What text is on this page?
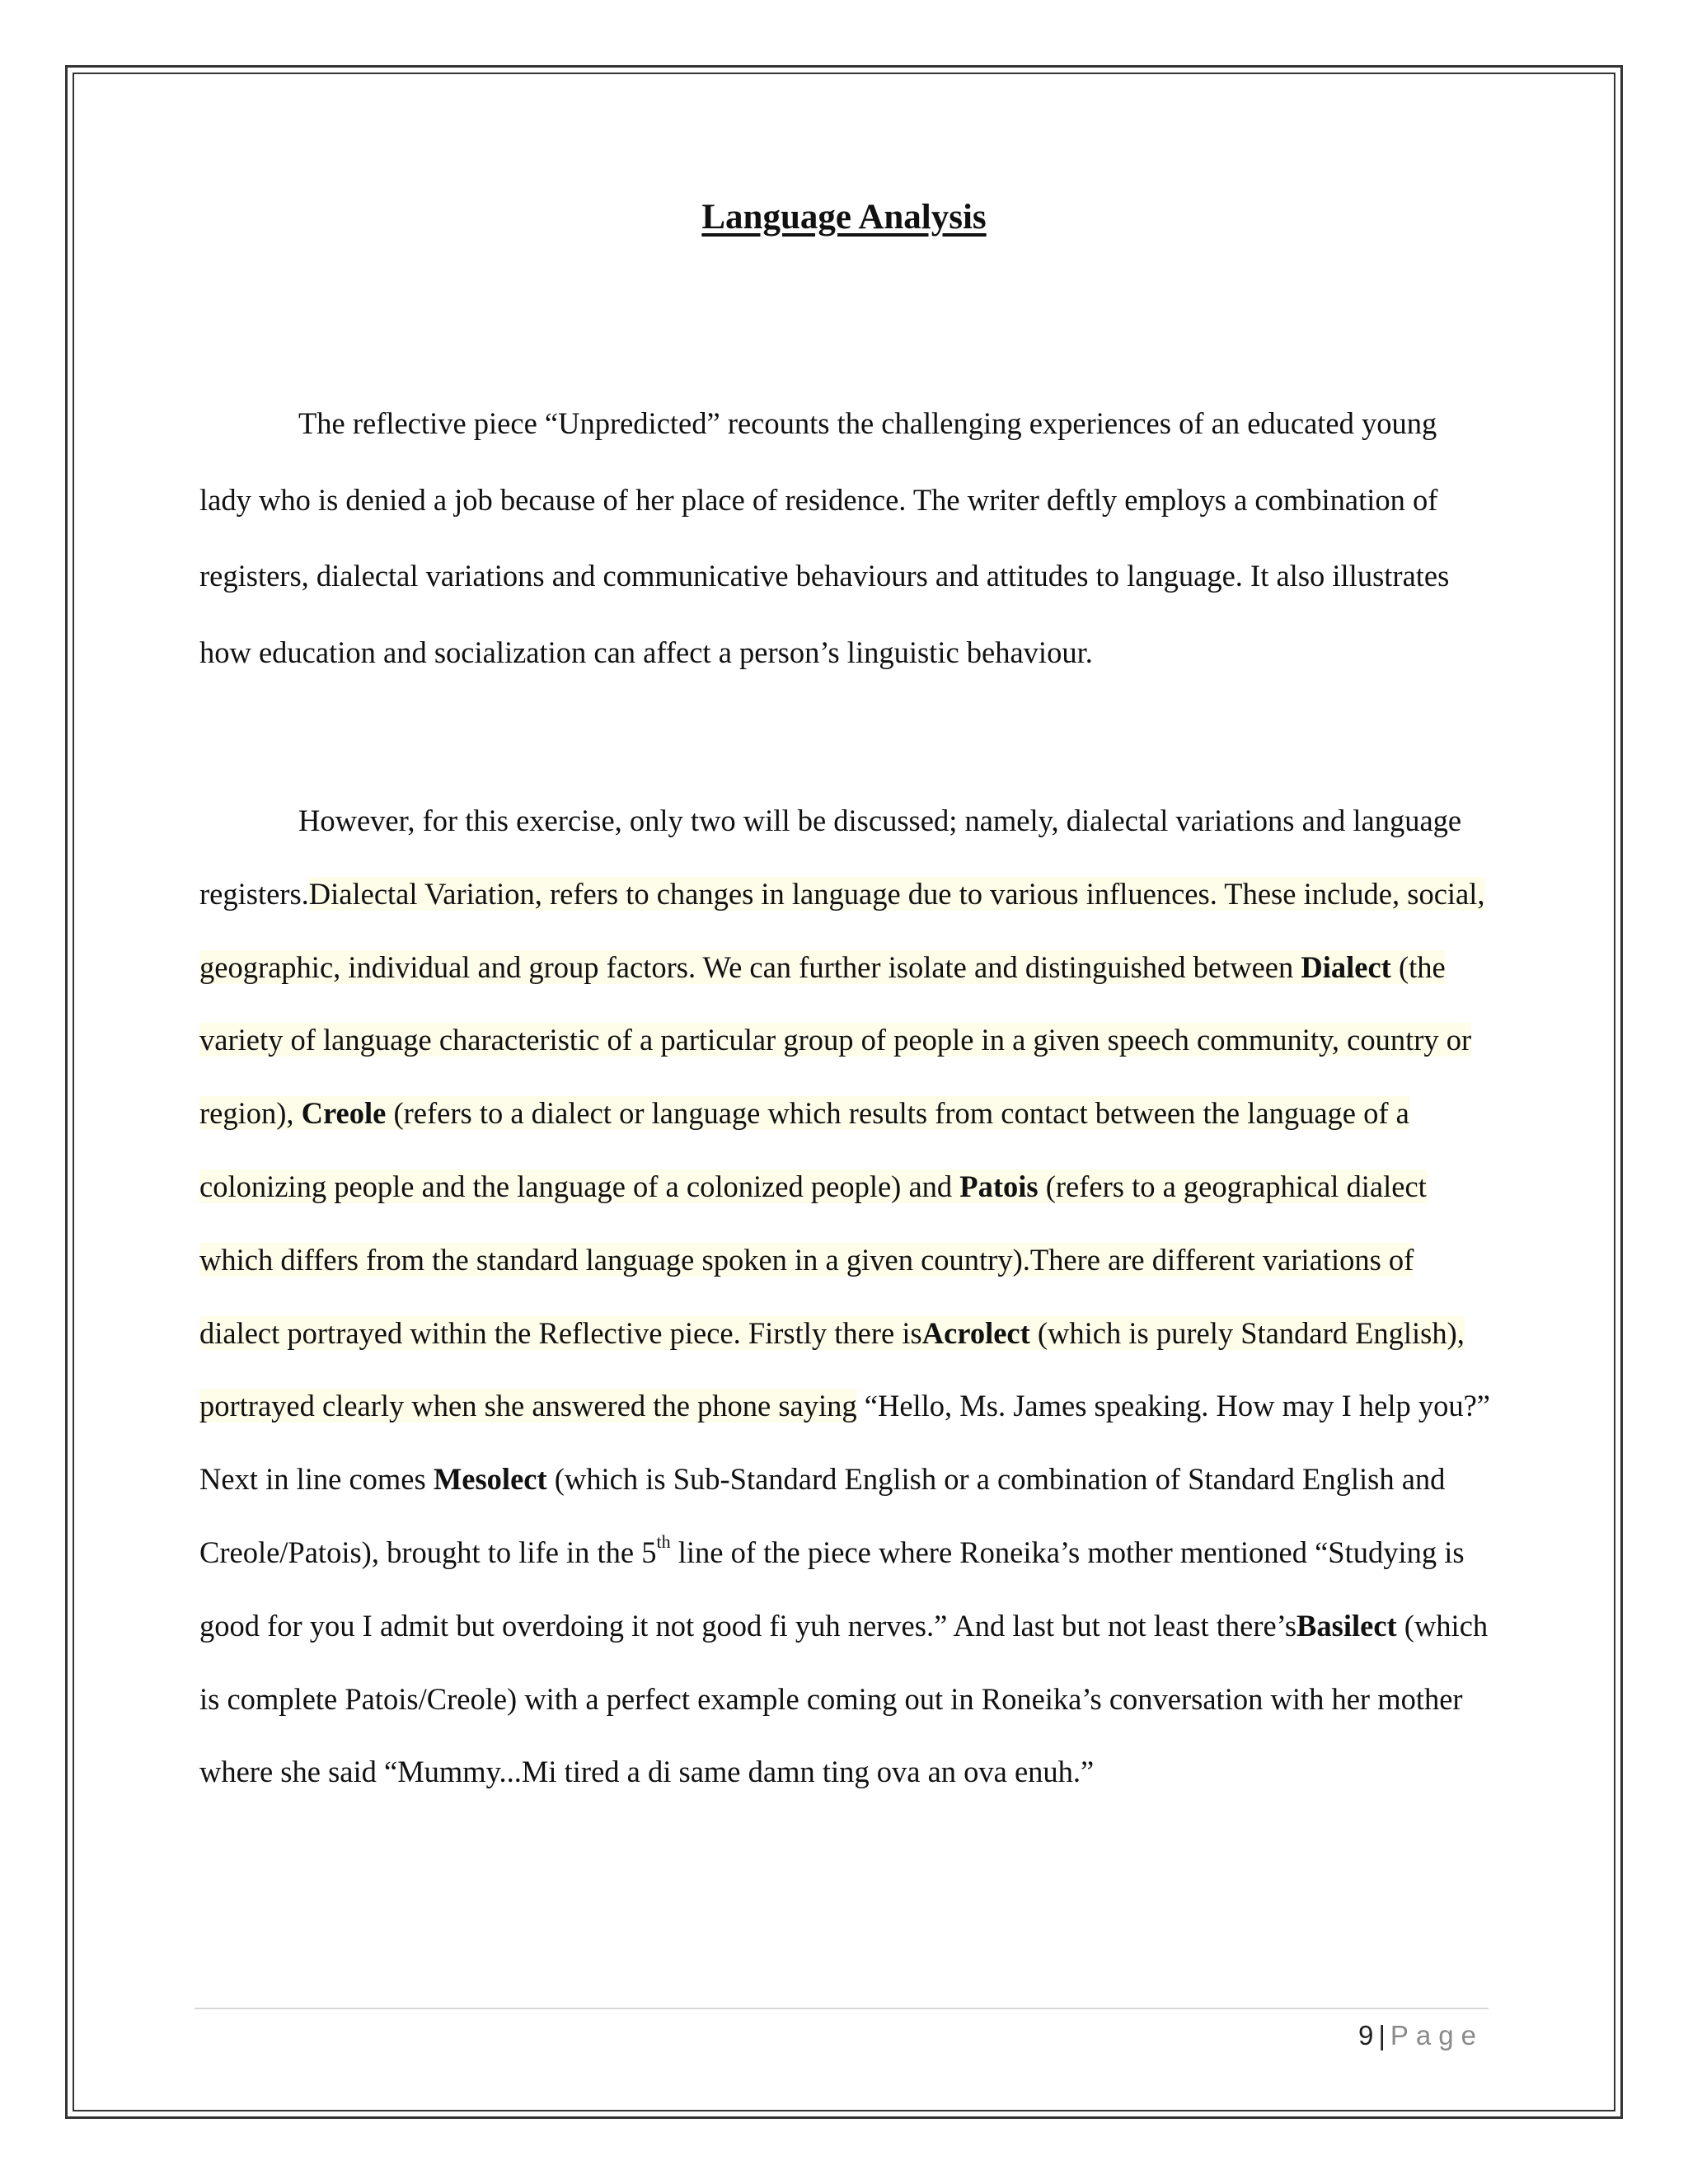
Language Analysis

The reflective piece “Unpredicted” recounts the challenging experiences of an educated young lady who is denied a job because of her place of residence. The writer deftly employs a combination of registers, dialectal variations and communicative behaviours and attitudes to language. It also illustrates how education and socialization can affect a person’s linguistic behaviour.

However, for this exercise, only two will be discussed; namely, dialectal variations and language registers.Dialectal Variation, refers to changes in language due to various influences. These include, social, geographic, individual and group factors. We can further isolate and distinguished between Dialect (the variety of language characteristic of a particular group of people in a given speech community, country or region), Creole (refers to a dialect or language which results from contact between the language of a colonizing people and the language of a colonized people) and Patois (refers to a geographical dialect which differs from the standard language spoken in a given country).There are different variations of dialect portrayed within the Reflective piece. Firstly there isAcrolect (which is purely Standard English), portrayed clearly when she answered the phone saying “Hello, Ms. James speaking. How may I help you?” Next in line comes Mesolect (which is Sub-Standard English or a combination of Standard English and Creole/Patois), brought to life in the 5th line of the piece where Roneika’s mother mentioned “Studying is good for you I admit but overdoing it not good fi yuh nerves.” And last but not least there’sBasilect (which is complete Patois/Creole) with a perfect example coming out in Roneika’s conversation with her mother where she said “Mummy...Mi tired a di same damn ting ova an ova enuh.”

9 | Page
